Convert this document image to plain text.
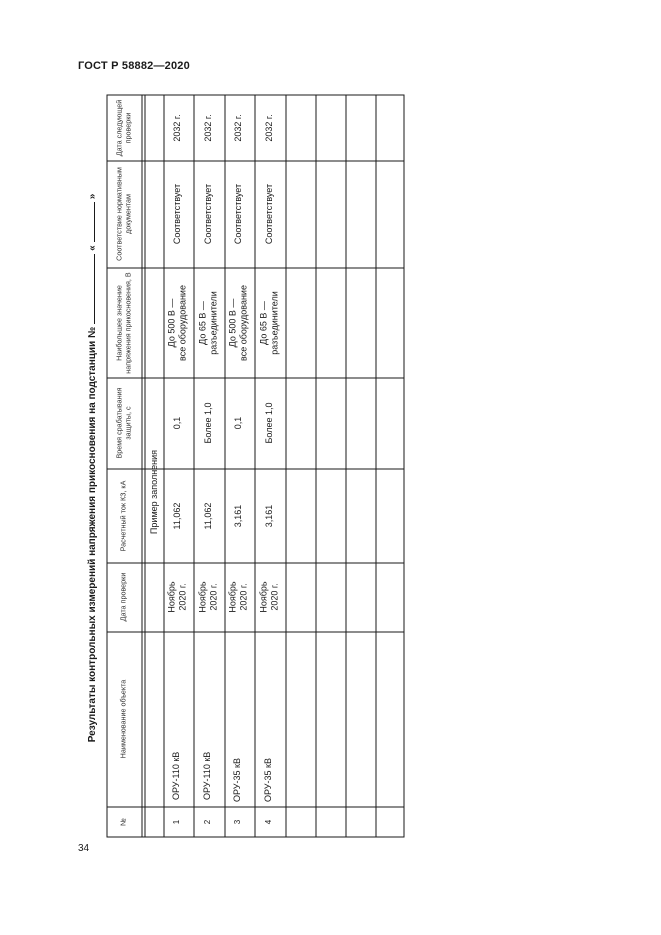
ГОСТ Р 58882—2020
Результаты контрольных измерений напряжения прикосновения на подстанции №«»
Дата следующей проверки
Соответствие нормативным документам
Наибольшее значение напряжения прикосновения, В
Время срабатывания защиты, с
Расчетный ток КЗ, кА
Дата проверки
Наименование объекта
№
Пример заполнения
2032 г.
Соответствует
До 500 В —
все оборудование
0,1
11,062
Ноябрь
2020 г.
ОРУ-110 кВ
1
2032 г.
Соответствует
До 65 В —
разъединители
Более 1,0
11,062
Ноябрь
2020 г.
ОРУ-110 кВ
2
2032 г.
Соответствует
До 500 В —
все оборудование
0,1
3,161
Ноябрь
2020 г.
ОРУ-35 кВ
3
2032 г.
Соответствует
До 65 В —
разъединители
Более 1,0
3,161
Ноябрь
2020 г.
ОРУ-35 кВ
4
34
